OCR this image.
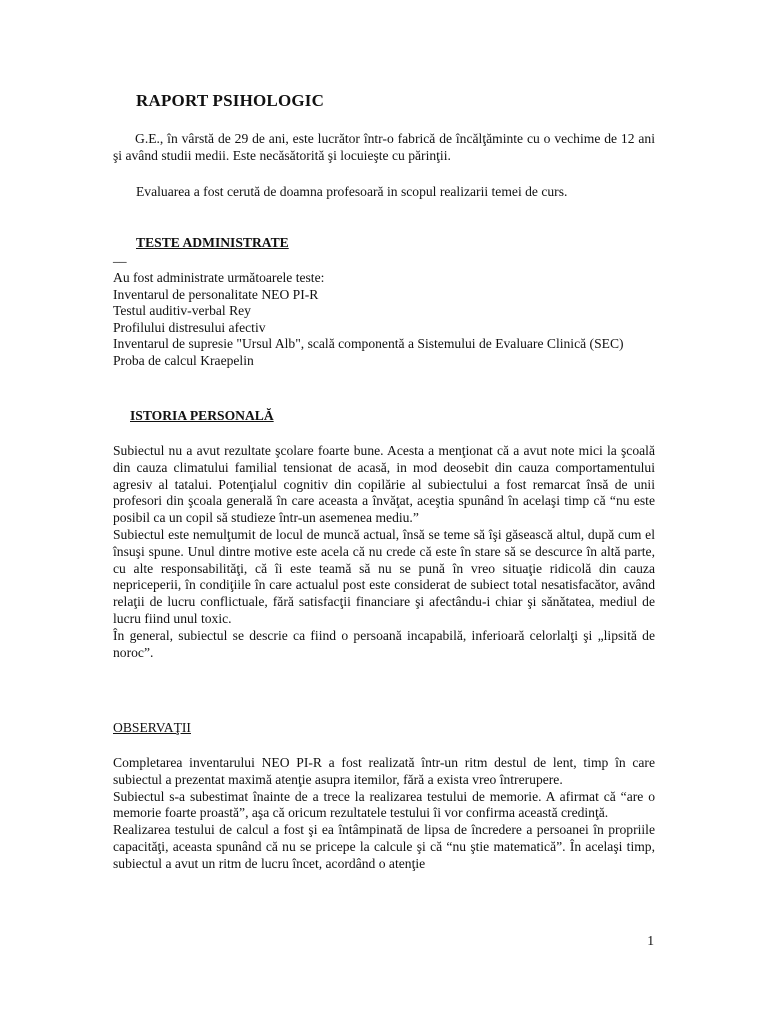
RAPORT PSIHOLOGIC

G.E., în vârstă de 29 de ani, este lucrător într-o fabrică de încălţăminte cu o vechime de 12 ani şi având studii medii. Este necăsătorită şi locuieşte cu părinţii.

Evaluarea a fost cerută de doamna profesoară in scopul realizarii temei de curs.

TESTE ADMINISTRATE
__
Au fost administrate următoarele teste:
Inventarul de personalitate NEO PI-R
Testul auditiv-verbal Rey
Profilului distresului afectiv
Inventarul de supresie "Ursul Alb", scală componentă a Sistemului de Evaluare Clinică (SEC)
Proba de calcul Kraepelin
ISTORIA PERSONALĂ
Subiectul nu a avut rezultate şcolare foarte bune. Acesta a menţionat că a avut note mici la şcoală din cauza climatului familial tensionat de acasă, in mod deosebit din cauza comportamentului agresiv al tatalui. Potenţialul cognitiv din copilărie al subiectului a fost remarcat însă de unii profesori din şcoala generală în care aceasta a învăţat, aceştia spunând în acelaşi timp că “nu este posibil ca un copil să studieze într-un asemenea mediu.”
Subiectul este nemulţumit de locul de muncă actual, însă se teme să îşi găsească altul, după cum el însuşi spune. Unul dintre motive este acela că nu crede că este în stare să se descurce în altă parte, cu alte responsabilităţi, că îi este teamă să nu se pună în vreo situaţie ridicolă din cauza nepriceperii, în condiţiile în care actualul post este considerat de subiect total nesatisfacător, având relaţii de lucru conflictuale, fără satisfacţii financiare şi afectându-i chiar şi sănătatea, mediul de lucru fiind unul toxic.
În general, subiectul se descrie ca fiind o persoană incapabilă, inferioară celorlalţi şi „lipsită de noroc”.
OBSERVAŢII
Completarea inventarului NEO PI-R a fost realizată într-un ritm destul de lent, timp în care subiectul a prezentat maximă atenţie asupra itemilor, fără a exista vreo întrerupere.
Subiectul s-a subestimat înainte de a trece la realizarea testului de memorie. A afirmat că “are o memorie foarte proastă”, aşa că oricum rezultatele testului îi vor confirma această credinţă.
Realizarea testului de calcul a fost şi ea întâmpinată de lipsa de încredere a persoanei în propriile capacităţi, aceasta spunând că nu se pricepe la calcule şi că “nu ştie matematică”. În acelaşi timp, subiectul a avut un ritm de lucru încet, acordând o atenţie
1
